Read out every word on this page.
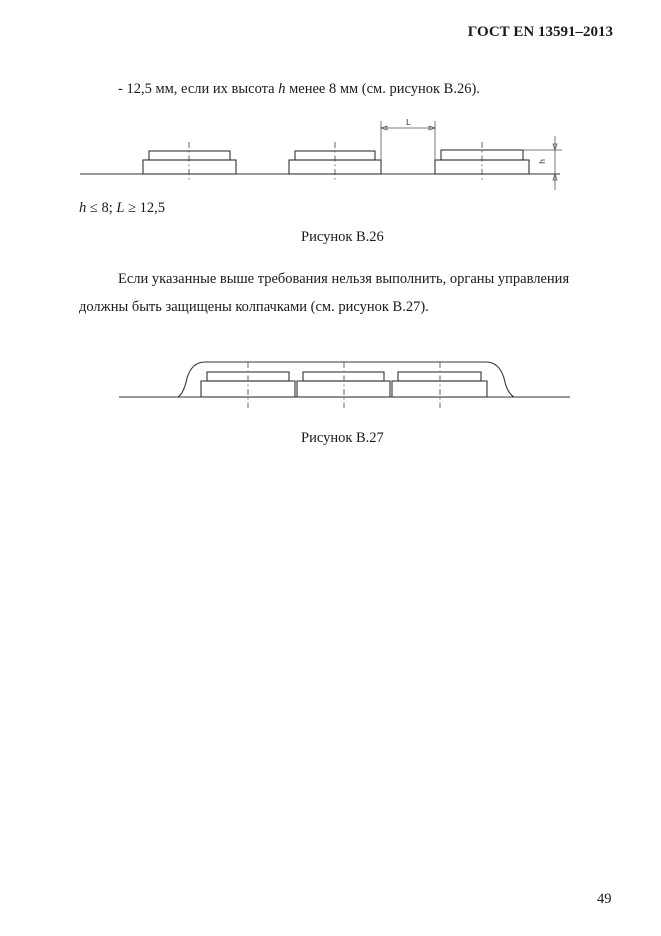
ГОСТ EN 13591–2013
- 12,5 мм, если их высота h менее 8 мм (см. рисунок В.26).
L
h
h ≤ 8; L ≥ 12,5
Рисунок В.26
Если указанные выше требования нельзя выполнить, органы управления
должны быть защищены колпачками (см. рисунок В.27).
Рисунок В.27
49
